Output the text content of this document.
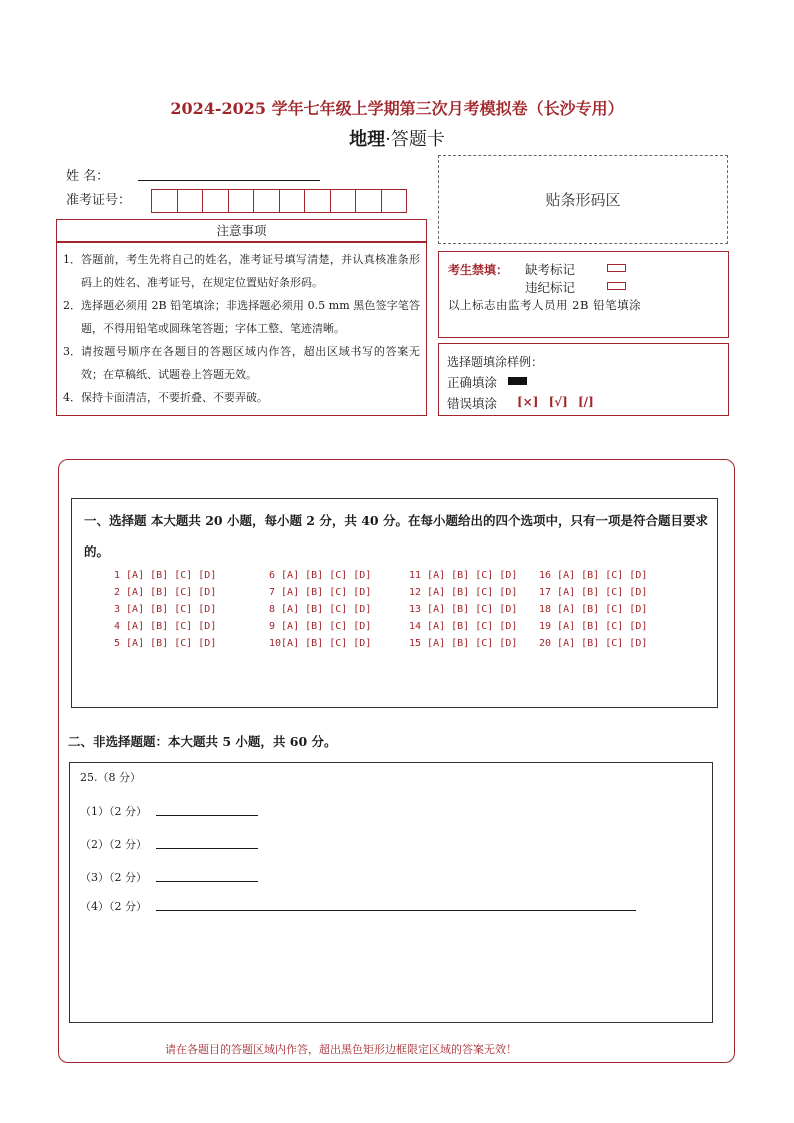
2024-2025 学年七年级上学期第三次月考模拟卷（长沙专用）
地理·答题卡
姓 名：
准考证号：	贴条形码区
注意事项
1． 答题前，考生先将自己的姓名，准考证号填写清楚，并认真核准条形码上的姓名、准考证号，在规定位置贴好条形码。
2． 选择题必须用 2B 铅笔填涂；非选择题必须用 0.5 mm 黑色签字笔答题，不得用铅笔或圆珠笔答题；字体工整、笔迹清晰。
3． 请按题号顺序在各题目的答题区域内作答，超出区域书写的答案无效；在草稿纸、试题卷上答题无效。
4． 保持卡面清洁，不要折叠、不要弄破。
考生禁填： 缺考标记
违纪标记
以上标志由监考人员用 2B 铅笔填涂
选择题填涂样例：
正确填涂
错误填涂 [×] [√] [/]
一、选择题 本大题共 20 小题，每小题 2 分，共 40 分。在每小题给出的四个选项中，只有一项是符合题目要求的。
1 [A] [B] [C] [D]
2 [A] [B] [C] [D]
3 [A] [B] [C] [D]
4 [A] [B] [C] [D]
5 [A] [B] [C] [D]
6 [A] [B] [C] [D]
7 [A] [B] [C] [D]
8 [A] [B] [C] [D]
9 [A] [B] [C] [D]
10[A] [B] [C] [D]
11 [A] [B] [C] [D]
12 [A] [B] [C] [D]
13 [A] [B] [C] [D]
14 [A] [B] [C] [D]
15 [A] [B] [C] [D]
16 [A] [B] [C] [D]
17 [A] [B] [C] [D]
18 [A] [B] [C] [D]
19 [A] [B] [C] [D]
20 [A] [B] [C] [D]
二、非选择题题：本大题共 5 小题，共 60 分。
25.（8 分）
（1）（2 分）
（2）（2 分）
（3）（2 分）
（4）（2 分）
请在各题目的答题区域内作答，超出黑色矩形边框限定区域的答案无效！
